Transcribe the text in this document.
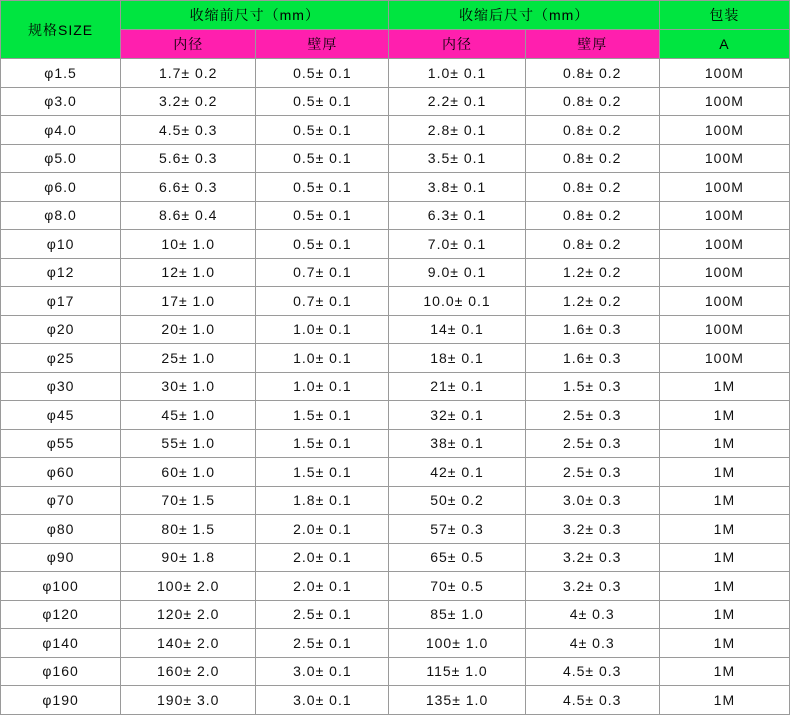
规格SIZE	收缩前尺寸（mm）		收缩后尺寸（mm）		包装
	内径	壁厚	内径	壁厚	A
φ1.5	1.7± 0.2	0.5± 0.1	1.0± 0.1	0.8± 0.2	100M
φ3.0	3.2± 0.2	0.5± 0.1	2.2± 0.1	0.8± 0.2	100M
φ4.0	4.5± 0.3	0.5± 0.1	2.8± 0.1	0.8± 0.2	100M
φ5.0	5.6± 0.3	0.5± 0.1	3.5± 0.1	0.8± 0.2	100M
φ6.0	6.6± 0.3	0.5± 0.1	3.8± 0.1	0.8± 0.2	100M
φ8.0	8.6± 0.4	0.5± 0.1	6.3± 0.1	0.8± 0.2	100M
φ10	10± 1.0	0.5± 0.1	7.0± 0.1	0.8± 0.2	100M
φ12	12± 1.0	0.7± 0.1	9.0± 0.1	1.2± 0.2	100M
φ17	17± 1.0	0.7± 0.1	10.0± 0.1	1.2± 0.2	100M
φ20	20± 1.0	1.0± 0.1	14± 0.1	1.6± 0.3	100M
φ25	25± 1.0	1.0± 0.1	18± 0.1	1.6± 0.3	100M
φ30	30± 1.0	1.0± 0.1	21± 0.1	1.5± 0.3	1M
φ45	45± 1.0	1.5± 0.1	32± 0.1	2.5± 0.3	1M
φ55	55± 1.0	1.5± 0.1	38± 0.1	2.5± 0.3	1M
φ60	60± 1.0	1.5± 0.1	42± 0.1	2.5± 0.3	1M
φ70	70± 1.5	1.8± 0.1	50± 0.2	3.0± 0.3	1M
φ80	80± 1.5	2.0± 0.1	57± 0.3	3.2± 0.3	1M
φ90	90± 1.8	2.0± 0.1	65± 0.5	3.2± 0.3	1M
φ100	100± 2.0	2.0± 0.1	70± 0.5	3.2± 0.3	1M
φ120	120± 2.0	2.5± 0.1	85± 1.0	4± 0.3	1M
φ140	140± 2.0	2.5± 0.1	100± 1.0	4± 0.3	1M
φ160	160± 2.0	3.0± 0.1	115± 1.0	4.5± 0.3	1M
φ190	190± 3.0	3.0± 0.1	135± 1.0	4.5± 0.3	1M
